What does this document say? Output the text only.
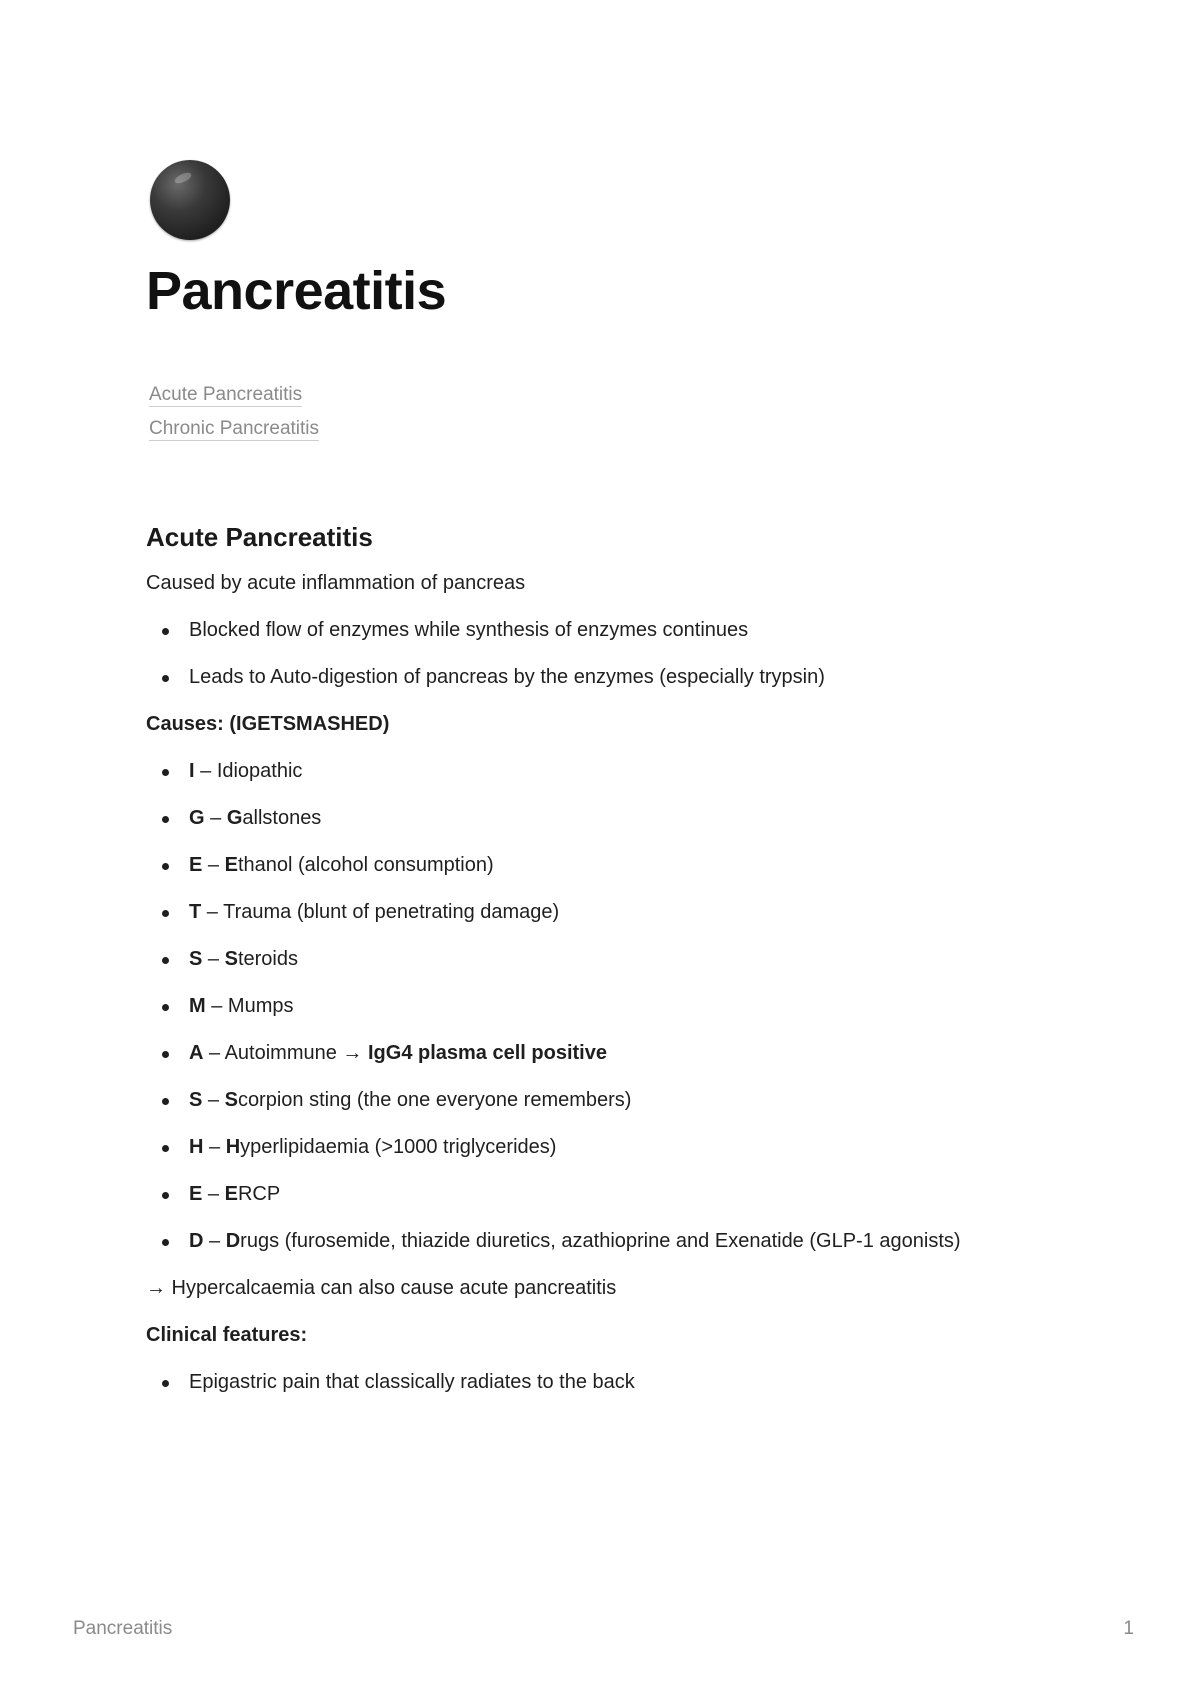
Pancreatitis
Acute Pancreatitis
Chronic Pancreatitis
Acute Pancreatitis

Caused by acute inflammation of pancreas

Blocked flow of enzymes while synthesis of enzymes continues
Leads to Auto-digestion of pancreas by the enzymes (especially trypsin)

Causes: (IGETSMASHED)

I – Idiopathic
G – Gallstones
E – Ethanol (alcohol consumption)
T – Trauma (blunt of penetrating damage)
S – Steroids
M – Mumps
A – Autoimmune → IgG4 plasma cell positive
S – Scorpion sting (the one everyone remembers)
H – Hyperlipidaemia (>1000 triglycerides)
E – ERCP
D – Drugs (furosemide, thiazide diuretics, azathioprine and Exenatide (GLP-1 agonists)

→ Hypercalcaemia can also cause acute pancreatitis

Clinical features:

Epigastric pain that classically radiates to the back
Pancreatitis	1
